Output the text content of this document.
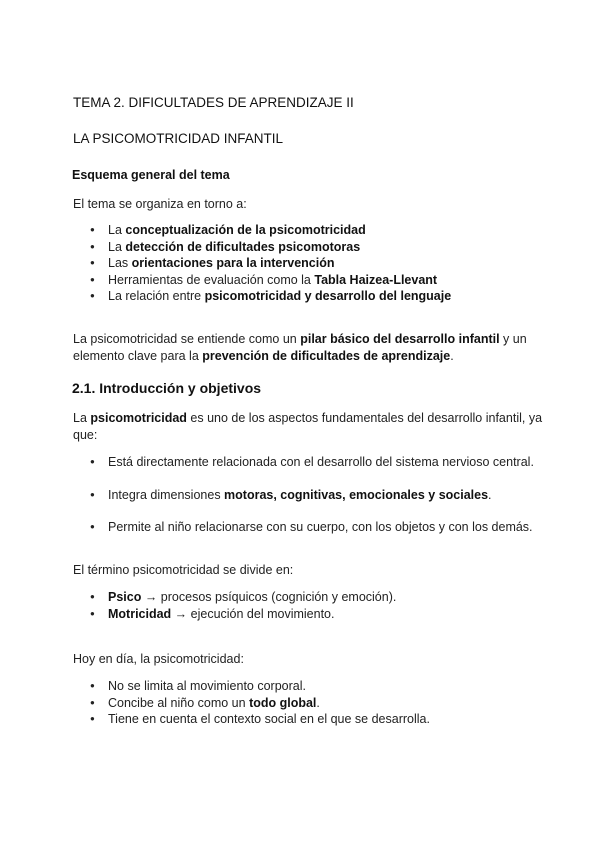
TEMA 2. DIFICULTADES DE APRENDIZAJE II
LA PSICOMOTRICIDAD INFANTIL
Esquema general del tema
El tema se organiza en torno a:
● La conceptualización de la psicomotricidad
● La detección de dificultades psicomotoras
● Las orientaciones para la intervención
● Herramientas de evaluación como la Tabla Haizea-Llevant
● La relación entre psicomotricidad y desarrollo del lenguaje
La psicomotricidad se entiende como un pilar básico del desarrollo infantil y un
elemento clave para la prevención de dificultades de aprendizaje.
2.1. Introducción y objetivos
La psicomotricidad es uno de los aspectos fundamentales del desarrollo infantil, ya
que:
● Está directamente relacionada con el desarrollo del sistema nervioso central.
● Integra dimensiones motoras, cognitivas, emocionales y sociales.
● Permite al niño relacionarse con su cuerpo, con los objetos y con los demás.
El término psicomotricidad se divide en:
● Psico → procesos psíquicos (cognición y emoción).
● Motricidad → ejecución del movimiento.
Hoy en día, la psicomotricidad:
● No se limita al movimiento corporal.
● Concibe al niño como un todo global.
● Tiene en cuenta el contexto social en el que se desarrolla.
